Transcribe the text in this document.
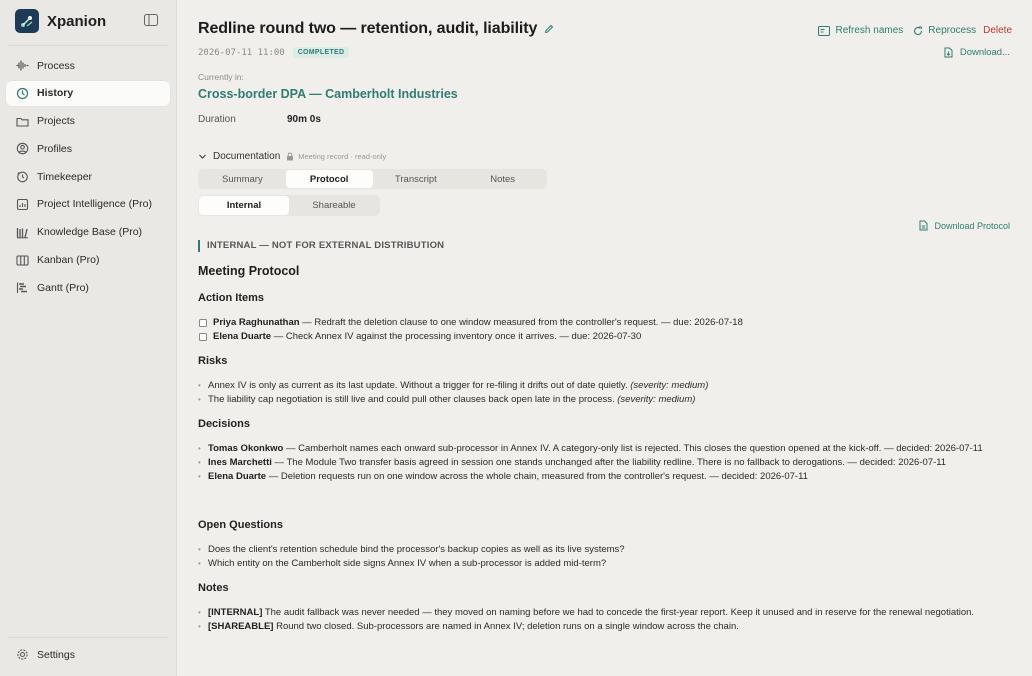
Xpanion
Process
History
Projects
Profiles
Timekeeper
Project Intelligence (Pro)
Knowledge Base (Pro)
Kanban (Pro)
Gantt (Pro)
Settings
Redline round two — retention, audit, liability	Refresh names	Reprocess Delete
Download...
2026-07-11 11:00	COMPLETED
Currently in:
Cross-border DPA — Camberholt Industries
Duration	90m 0s
Documentation Meeting record · read-only
Summary	Protocol	Transcript	Notes
Internal	Shareable
Download Protocol
INTERNAL — NOT FOR EXTERNAL DISTRIBUTION
Meeting Protocol
Action Items
Priya Raghunathan — Redraft the deletion clause to one window measured from the controller's request. — due: 2026-07-18
Elena Duarte — Check Annex IV against the processing inventory once it arrives. — due: 2026-07-30
Risks
• Annex IV is only as current as its last update. Without a trigger for re-filing it drifts out of date quietly. (severity: medium)
• The liability cap negotiation is still live and could pull other clauses back open late in the process. (severity: medium)
Decisions
• Tomas Okonkwo — Camberholt names each onward sub-processor in Annex IV. A category-only list is rejected. This closes the question opened at the kick-off. — decided: 2026-07-11
• Ines Marchetti — The Module Two transfer basis agreed in session one stands unchanged after the liability redline. There is no fallback to derogations. — decided: 2026-07-11
• Elena Duarte — Deletion requests run on one window across the whole chain, measured from the controller's request. — decided: 2026-07-11
Open Questions
• Does the client's retention schedule bind the processor's backup copies as well as its live systems?
• Which entity on the Camberholt side signs Annex IV when a sub-processor is added mid-term?
Notes
• [INTERNAL] The audit fallback was never needed — they moved on naming before we had to concede the first-year report. Keep it unused and in reserve for the renewal negotiation.
• [SHAREABLE] Round two closed. Sub-processors are named in Annex IV; deletion runs on a single window across the chain.
